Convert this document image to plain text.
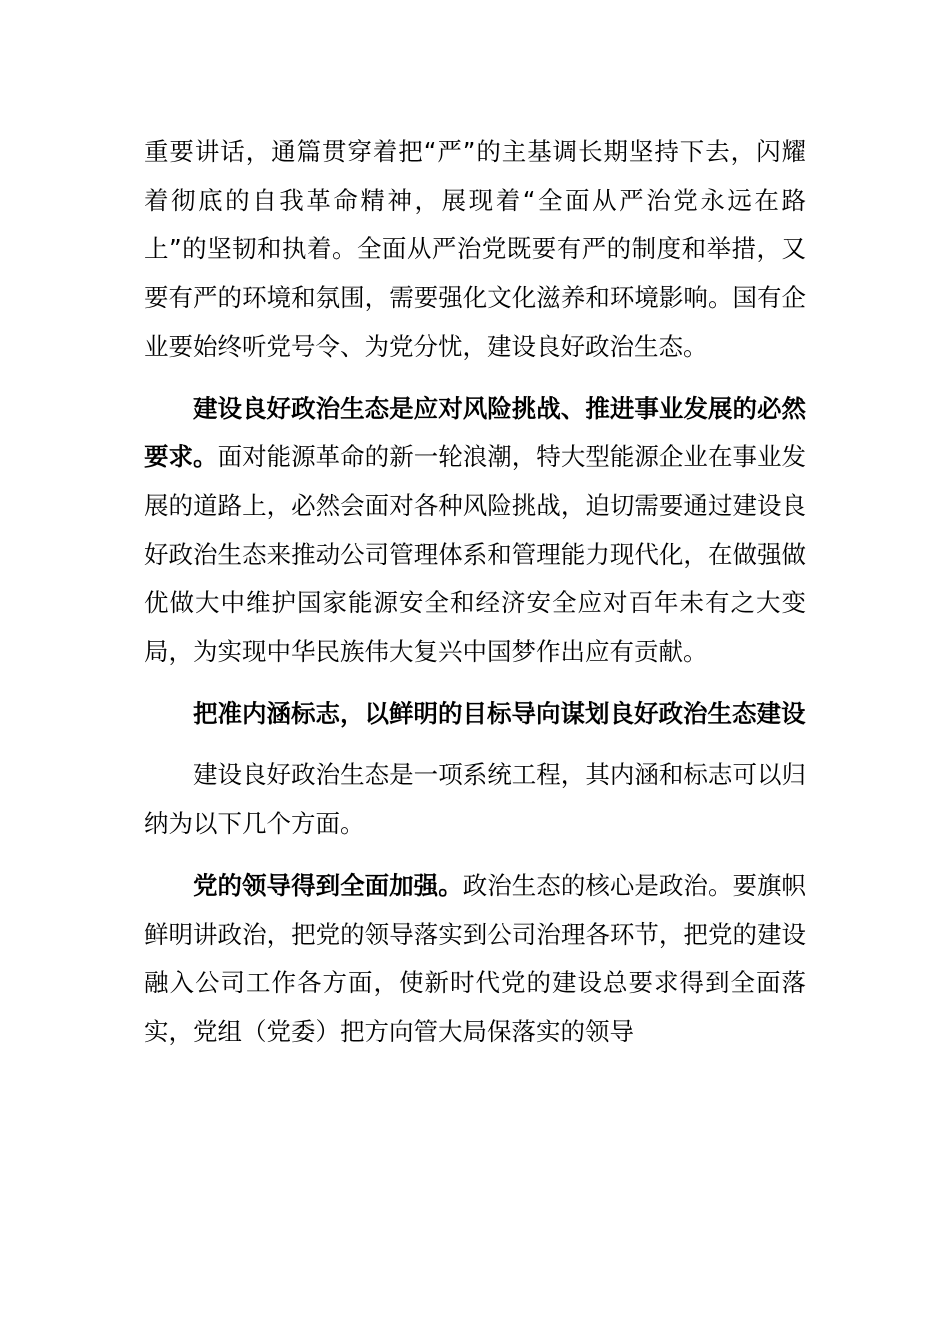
重要讲话，通篇贯穿着把“严”的主基调长期坚持下去，闪耀着彻底的自我革命精神，展现着“全面从严治党永远在路上”的坚韧和执着。全面从严治党既要有严的制度和举措，又要有严的环境和氛围，需要强化文化滋养和环境影响。国有企业要始终听党号令、为党分忧，建设良好政治生态。

建设良好政治生态是应对风险挑战、推进事业发展的必然要求。面对能源革命的新一轮浪潮，特大型能源企业在事业发展的道路上，必然会面对各种风险挑战，迫切需要通过建设良好政治生态来推动公司管理体系和管理能力现代化，在做强做优做大中维护国家能源安全和经济安全应对百年未有之大变局，为实现中华民族伟大复兴中国梦作出应有贡献。

把准内涵标志，以鲜明的目标导向谋划良好政治生态建设

建设良好政治生态是一项系统工程，其内涵和标志可以归纳为以下几个方面。

党的领导得到全面加强。政治生态的核心是政治。要旗帜鲜明讲政治，把党的领导落实到公司治理各环节，把党的建设融入公司工作各方面，使新时代党的建设总要求得到全面落实，党组（党委）把方向管大局保落实的领导
